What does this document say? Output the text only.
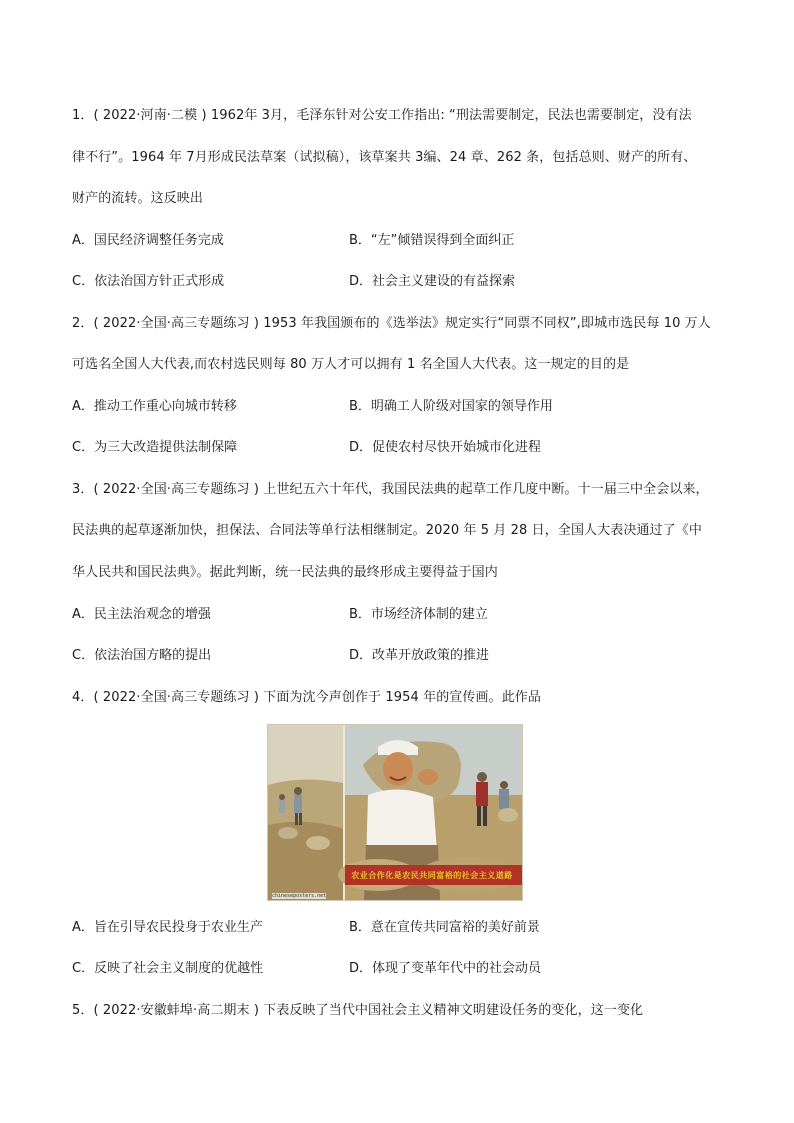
1．( 2022·河南·二模 ) 1962年 3月，毛泽东针对公安工作指出: “刑法需要制定，民法也需要制定，没有法
律不行”。1964 年 7月形成民法草案（试拟稿），该草案共 3编、24 章、262 条，包括总则、财产的所有、
财产的流转。这反映出
A．国民经济调整任务完成	B．“左”倾错误得到全面纠正
C．依法治国方针正式形成	D．社会主义建设的有益探索
2．( 2022·全国·高三专题练习 ) 1953 年我国颁布的《选举法》规定实行“同票不同权”,即城市选民每 10 万人
可选名全国人大代表,而农村选民则每 80 万人才可以拥有 1 名全国人大代表。这一规定的目的是
A．推动工作重心向城市转移	B．明确工人阶级对国家的领导作用
C．为三大改造提供法制保障	D．促使农村尽快开始城市化进程
3．( 2022·全国·高三专题练习 ) 上世纪五六十年代，我国民法典的起草工作几度中断。十一届三中全会以来，
民法典的起草逐渐加快，担保法、合同法等单行法相继制定。2020 年 5 月 28 日，全国人大表决通过了《中
华人民共和国民法典》。据此判断，统一民法典的最终形成主要得益于国内
A．民主法治观念的增强	B．市场经济体制的建立
C．依法治国方略的提出	D．改革开放政策的推进
4．( 2022·全国·高三专题练习 ) 下面为沈今声创作于 1954 年的宣传画。此作品
农业合作化是农民共同富裕的社会主义道路
chineseposters.net
A．旨在引导农民投身于农业生产	B．意在宣传共同富裕的美好前景
C．反映了社会主义制度的优越性	D．体现了变革年代中的社会动员
5．( 2022·安徽蚌埠·高二期末 ) 下表反映了当代中国社会主义精神文明建设任务的变化，这一变化
